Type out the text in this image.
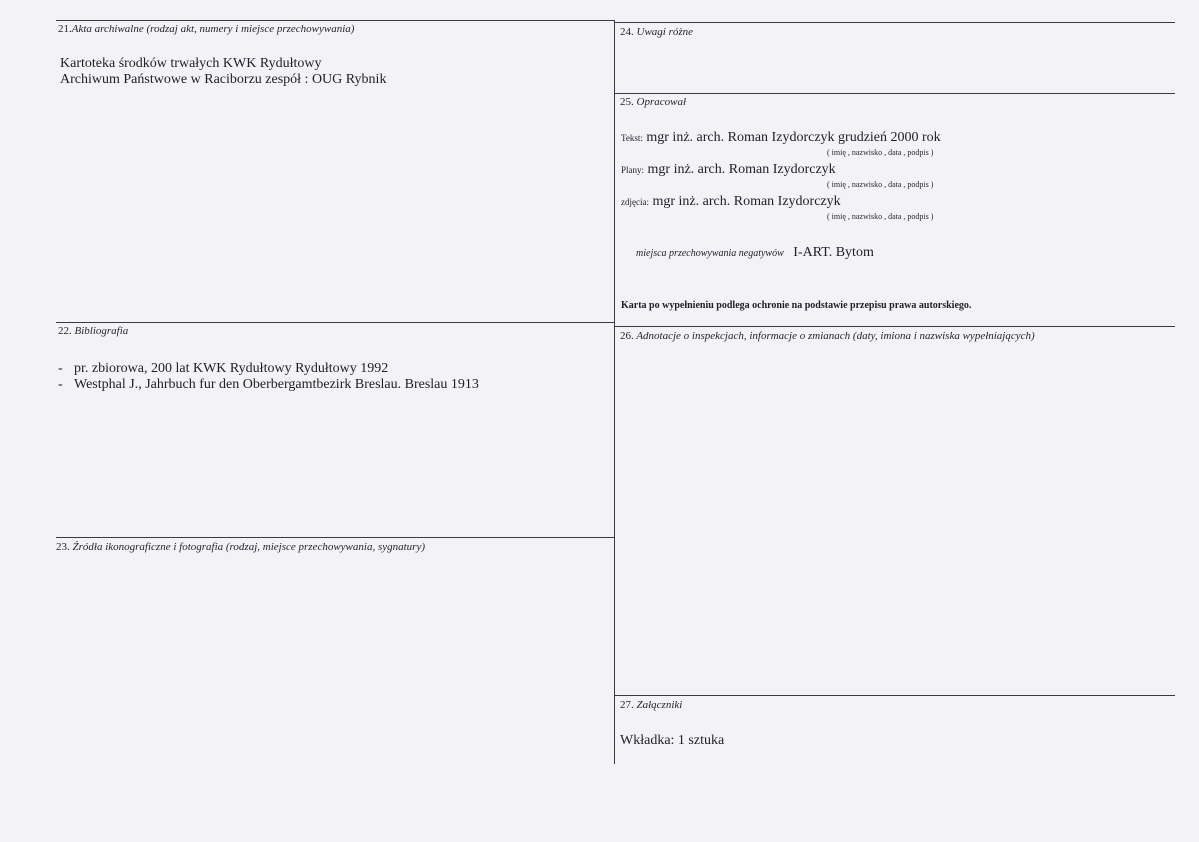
21.Akta archiwalne (rodzaj akt, numery i miejsce przechowywania)
Kartoteka środków trwałych KWK Rydułtowy
Archiwum Państwowe w Raciborzu zespół : OUG Rybnik
24. Uwagi różne
25. Opracował
Tekst: mgr inż. arch. Roman Izydorczyk grudzień 2000 rok
( imię , nazwisko , data , podpis )
Plany: mgr inż. arch. Roman Izydorczyk
( imię , nazwisko , data , podpis )
zdjęcia: mgr inż. arch. Roman Izydorczyk
( imię , nazwisko , data , podpis )
miejsca przechowywania negatywów I-ART. Bytom
Karta po wypełnieniu podlega ochronie na podstawie przepisu prawa autorskiego.
22. Bibliografia
- pr. zbiorowa, 200 lat KWK Rydułtowy Rydułtowy 1992
- Westphal J., Jahrbuch fur den Oberbergamtbezirk Breslau. Breslau 1913
26. Adnotacje o inspekcjach, informacje o zmianach (daty, imiona i nazwiska wypełniających)
23. Źródła ikonograficzne i fotografia (rodzaj, miejsce przechowywania, sygnatury)
27. Załączniki
Wkładka: 1 sztuka
